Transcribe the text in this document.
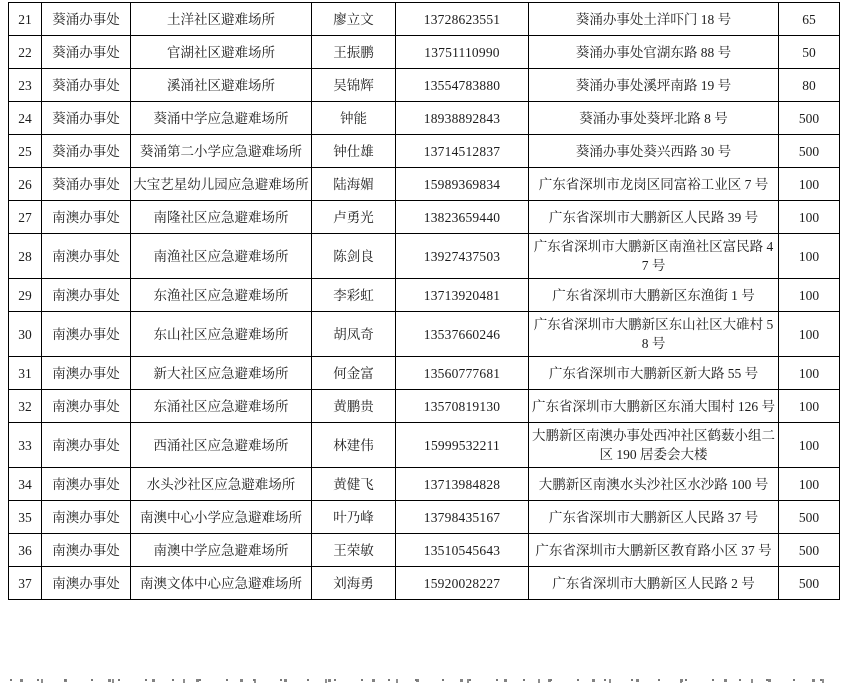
21	葵涌办事处	土洋社区避难场所	廖立文	13728623551	葵涌办事处土洋吓门 18 号	65
22	葵涌办事处	官湖社区避难场所	王振鹏	13751110990	葵涌办事处官湖东路 88 号	50
23	葵涌办事处	溪涌社区避难场所	吴锦辉	13554783880	葵涌办事处溪坪南路 19 号	80
24	葵涌办事处	葵涌中学应急避难场所	钟能	18938892843	葵涌办事处葵坪北路 8 号	500
25	葵涌办事处	葵涌第二小学应急避难场所	钟仕雄	13714512837	葵涌办事处葵兴西路 30 号	500
26	葵涌办事处	大宝艺星幼儿园应急避难场所	陆海媚	15989369834	广东省深圳市龙岗区同富裕工业区 7 号	100
27	南澳办事处	南隆社区应急避难场所	卢勇光	13823659440	广东省深圳市大鹏新区人民路 39 号	100
28	南澳办事处	南渔社区应急避难场所	陈剑良	13927437503	广东省深圳市大鹏新区南渔社区富民路 47 号	100
29	南澳办事处	东渔社区应急避难场所	李彩虹	13713920481	广东省深圳市大鹏新区东渔街 1 号	100
30	南澳办事处	东山社区应急避难场所	胡凤奇	13537660246	广东省深圳市大鹏新区东山社区大碓村 58 号	100
31	南澳办事处	新大社区应急避难场所	何金富	13560777681	广东省深圳市大鹏新区新大路 55 号	100
32	南澳办事处	东涌社区应急避难场所	黄鹏贵	13570819130	广东省深圳市大鹏新区东涌大围村 126 号	100
33	南澳办事处	西涌社区应急避难场所	林建伟	15999532211	大鹏新区南澳办事处西冲社区鹤薮小组二区 190 居委会大楼	100
34	南澳办事处	水头沙社区应急避难场所	黄健飞	13713984828	大鹏新区南澳水头沙社区水沙路 100 号	100
35	南澳办事处	南澳中心小学应急避难场所	叶乃峰	13798435167	广东省深圳市大鹏新区人民路 37 号	500
36	南澳办事处	南澳中学应急避难场所	王荣敏	13510545643	广东省深圳市大鹏新区教育路小区 37 号	500
37	南澳办事处	南澳文体中心应急避难场所	刘海勇	15920028227	广东省深圳市大鹏新区人民路 2 号	500
